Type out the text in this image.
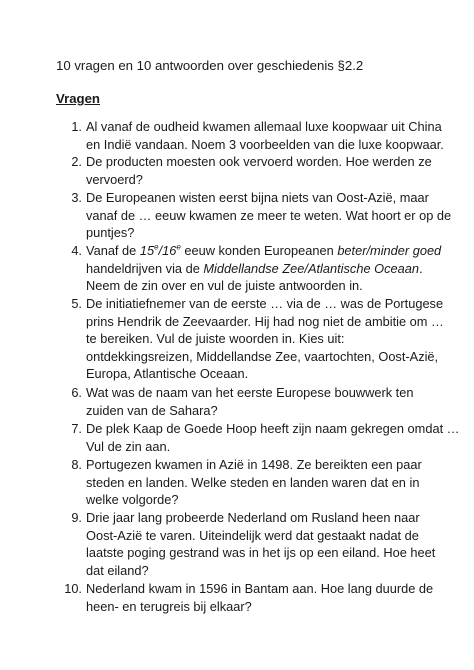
10 vragen en 10 antwoorden over geschiedenis §2.2
Vragen
1. Al vanaf de oudheid kwamen allemaal luxe koopwaar uit China
en Indië vandaan. Noem 3 voorbeelden van die luxe koopwaar.
2. De producten moesten ook vervoerd worden. Hoe werden ze
vervoerd?
3. De Europeanen wisten eerst bijna niets van Oost-Azië, maar
vanaf de … eeuw kwamen ze meer te weten. Wat hoort er op de
puntjes?
4. Vanaf de 15e/16e eeuw konden Europeanen beter/minder goed
handeldrijven via de Middellandse Zee/Atlantische Oceaan.
Neem de zin over en vul de juiste antwoorden in.
5. De initiatiefnemer van de eerste … via de … was de Portugese
prins Hendrik de Zeevaarder. Hij had nog niet de ambitie om …
te bereiken. Vul de juiste woorden in. Kies uit:
ontdekkingsreizen, Middellandse Zee, vaartochten, Oost-Azië,
Europa, Atlantische Oceaan.
6. Wat was de naam van het eerste Europese bouwwerk ten
zuiden van de Sahara?
7. De plek Kaap de Goede Hoop heeft zijn naam gekregen omdat …
Vul de zin aan.
8. Portugezen kwamen in Azië in 1498. Ze bereikten een paar
steden en landen. Welke steden en landen waren dat en in
welke volgorde?
9. Drie jaar lang probeerde Nederland om Rusland heen naar
Oost-Azië te varen. Uiteindelijk werd dat gestaakt nadat de
laatste poging gestrand was in het ijs op een eiland. Hoe heet
dat eiland?
10. Nederland kwam in 1596 in Bantam aan. Hoe lang duurde de
heen- en terugreis bij elkaar?
